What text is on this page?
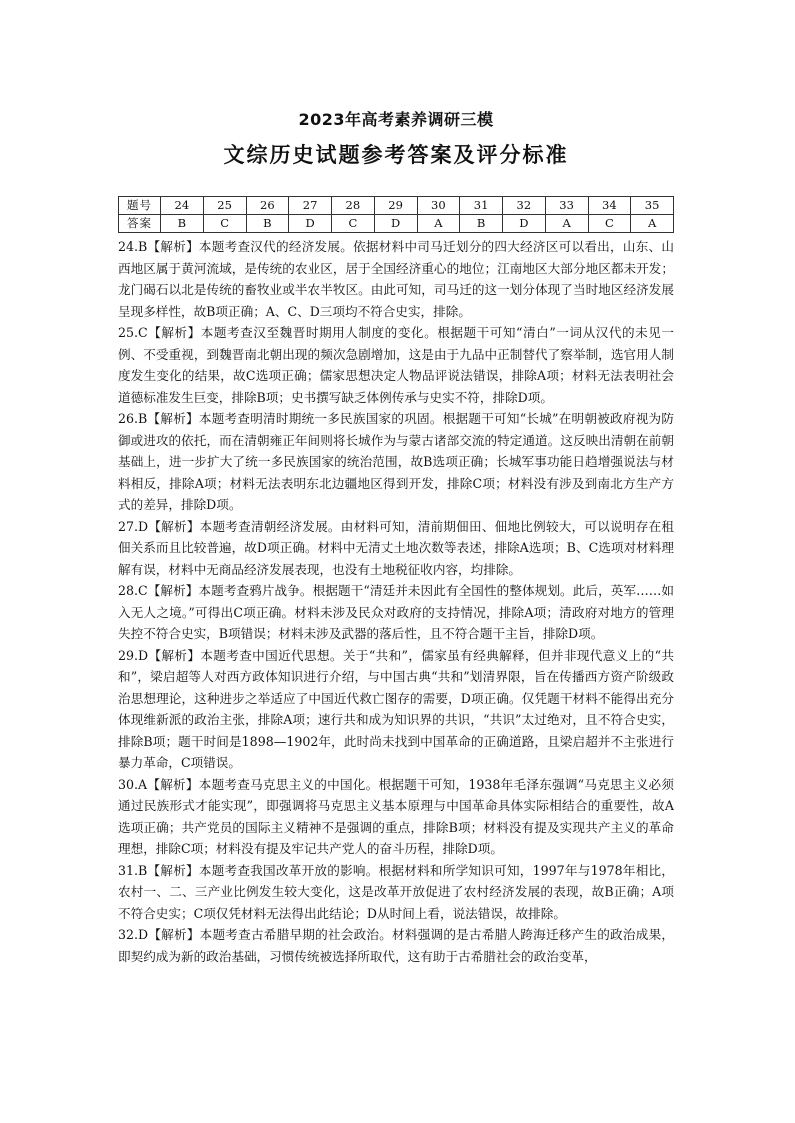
2023年高考素养调研三模
文综历史试题参考答案及评分标准
题号	24	25	26	27	28	29	30	31	32	33	34	35
答案	B	C	B	D	C	D	A	B	D	A	C	A

24.B【解析】本题考查汉代的经济发展。依据材料中司马迁划分的四大经济区可以看出，山东、山西地区属于黄河流域，是传统的农业区，居于全国经济重心的地位；江南地区大部分地区都未开发；龙门碣石以北是传统的畜牧业或半农半牧区。由此可知，司马迁的这一划分体现了当时地区经济发展呈现多样性，故B项正确；A、C、D三项均不符合史实，排除。

25.C【解析】本题考查汉至魏晋时期用人制度的变化。根据题干可知“清白”一词从汉代的未见一例、不受重视，到魏晋南北朝出现的频次急剧增加，这是由于九品中正制替代了察举制，选官用人制度发生变化的结果，故C选项正确；儒家思想决定人物品评说法错误，排除A项；材料无法表明社会道德标准发生巨变，排除B项；史书撰写缺乏体例传承与史实不符，排除D项。

26.B【解析】本题考查明清时期统一多民族国家的巩固。根据题干可知“长城”在明朝被政府视为防御或进攻的依托，而在清朝雍正年间则将长城作为与蒙古诸部交流的特定通道。这反映出清朝在前朝基础上，进一步扩大了统一多民族国家的统治范围，故B选项正确；长城军事功能日趋增强说法与材料相反，排除A项；材料无法表明东北边疆地区得到开发，排除C项；材料没有涉及到南北方生产方式的差异，排除D项。

27.D【解析】本题考查清朝经济发展。由材料可知，清前期佃田、佃地比例较大，可以说明存在租佃关系而且比较普遍，故D项正确。材料中无清丈土地次数等表述，排除A选项；B、C选项对材料理解有误，材料中无商品经济发展表现，也没有土地税征收内容，均排除。

28.C【解析】本题考查鸦片战争。根据题干“清廷并未因此有全国性的整体规划。此后，英军……如入无人之境。”可得出C项正确。材料未涉及民众对政府的支持情况，排除A项；清政府对地方的管理失控不符合史实，B项错误；材料未涉及武器的落后性，且不符合题干主旨，排除D项。

29.D【解析】本题考查中国近代思想。关于“共和”，儒家虽有经典解释，但并非现代意义上的“共和”，梁启超等人对西方政体知识进行介绍，与中国古典“共和”划清界限，旨在传播西方资产阶级政治思想理论，这种进步之举适应了中国近代救亡图存的需要，D项正确。仅凭题干材料不能得出充分体现维新派的政治主张，排除A项；速行共和成为知识界的共识，“共识”太过绝对，且不符合史实，排除B项；题干时间是1898—1902年，此时尚未找到中国革命的正确道路，且梁启超并不主张进行暴力革命，C项错误。

30.A【解析】本题考查马克思主义的中国化。根据题干可知，1938年毛泽东强调“马克思主义必须通过民族形式才能实现”，即强调将马克思主义基本原理与中国革命具体实际相结合的重要性，故A选项正确；共产党员的国际主义精神不是强调的重点，排除B项；材料没有提及实现共产主义的革命理想，排除C项；材料没有提及牢记共产党人的奋斗历程，排除D项。

31.B【解析】本题考查我国改革开放的影响。根据材料和所学知识可知，1997年与1978年相比，农村一、二、三产业比例发生较大变化，这是改革开放促进了农村经济发展的表现，故B正确；A项不符合史实；C项仅凭材料无法得出此结论；D从时间上看，说法错误，故排除。

32.D【解析】本题考查古希腊早期的社会政治。材料强调的是古希腊人跨海迁移产生的政治成果，即契约成为新的政治基础，习惯传统被选择所取代，这有助于古希腊社会的政治变革，
